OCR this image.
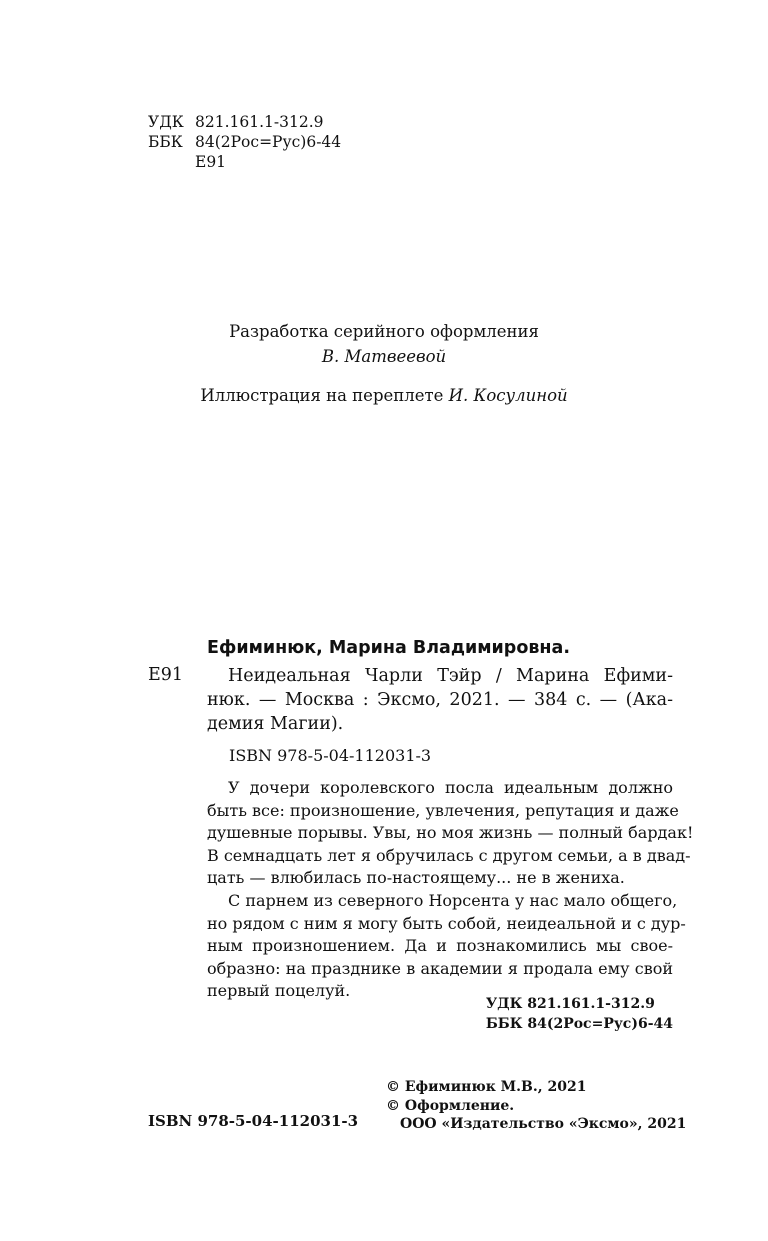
УДК 821.161.1-312.9
ББК 84(2Рос=Рус)6-44
Е91
Разработка серийного оформления
В. Матвеевой
Иллюстрация на переплете И. Косулиной
Ефиминюк, Марина Владимировна.
Е91	Неидеальная Чарли Тэйр / Марина Ефими-
нюк. — Москва : Эксмо, 2021. — 384 с. — (Ака-
демия Магии).
ISBN 978-5-04-112031-3
У дочери королевского посла идеальным должно
быть все: произношение, увлечения, репутация и даже
душевные порывы. Увы, но моя жизнь — полный бардак!
В семнадцать лет я обручилась с другом семьи, а в двад-
цать — влюбилась по-настоящему... не в жениха.
С парнем из северного Норсента у нас мало общего,
но рядом с ним я могу быть собой, неидеальной и с дур-
ным произношением. Да и познакомились мы свое-
образно: на празднике в академии я продала ему свой
первый поцелуй.
УДК 821.161.1-312.9
ББК 84(2Рос=Рус)6-44
© Ефиминюк М.В., 2021
© Оформление.
ООО «Издательство «Эксмо», 2021
ISBN 978-5-04-112031-3
